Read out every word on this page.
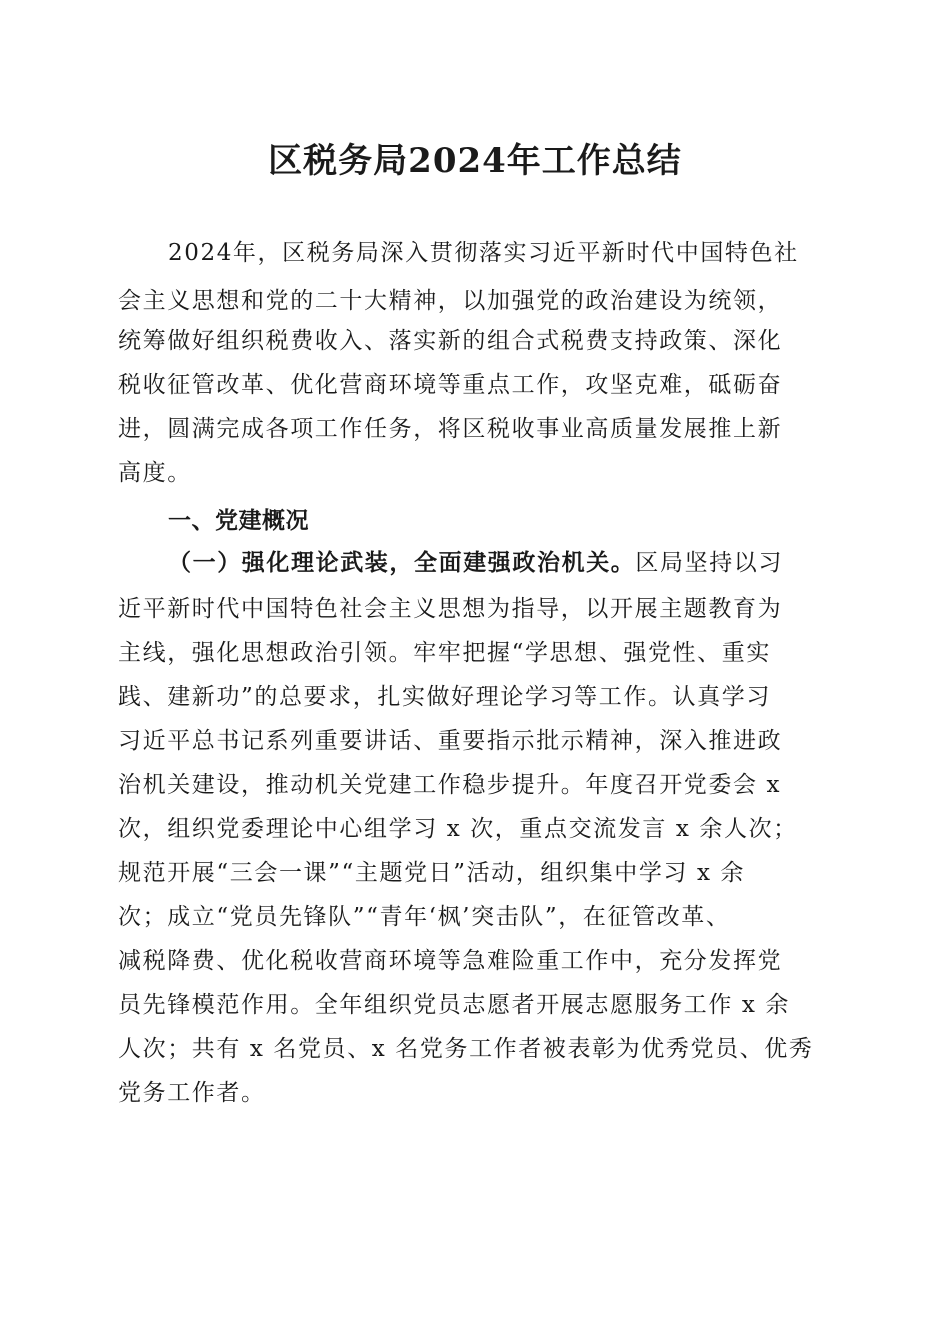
区税务局2024年工作总结
2024年，区税务局深入贯彻落实习近平新时代中国特色社
会主义思想和党的二十大精神，以加强党的政治建设为统领，
统筹做好组织税费收入、落实新的组合式税费支持政策、深化
税收征管改革、优化营商环境等重点工作，攻坚克难，砥砺奋
进，圆满完成各项工作任务，将区税收事业高质量发展推上新
高度。
一、党建概况
（一）强化理论武装，全面建强政治机关。区局坚持以习
近平新时代中国特色社会主义思想为指导，以开展主题教育为
主线，强化思想政治引领。牢牢把握“学思想、强党性、重实
践、建新功”的总要求，扎实做好理论学习等工作。认真学习
习近平总书记系列重要讲话、重要指示批示精神，深入推进政
治机关建设，推动机关党建工作稳步提升。年度召开党委会 x
次，组织党委理论中心组学习 x 次，重点交流发言 x 余人次；
规范开展“三会一课”“主题党日”活动，组织集中学习 x 余
次；成立“党员先锋队”“青年‘枫’突击队”，在征管改革、
减税降费、优化税收营商环境等急难险重工作中，充分发挥党
员先锋模范作用。全年组织党员志愿者开展志愿服务工作 x 余
人次；共有 x 名党员、x 名党务工作者被表彰为优秀党员、优秀
党务工作者。
